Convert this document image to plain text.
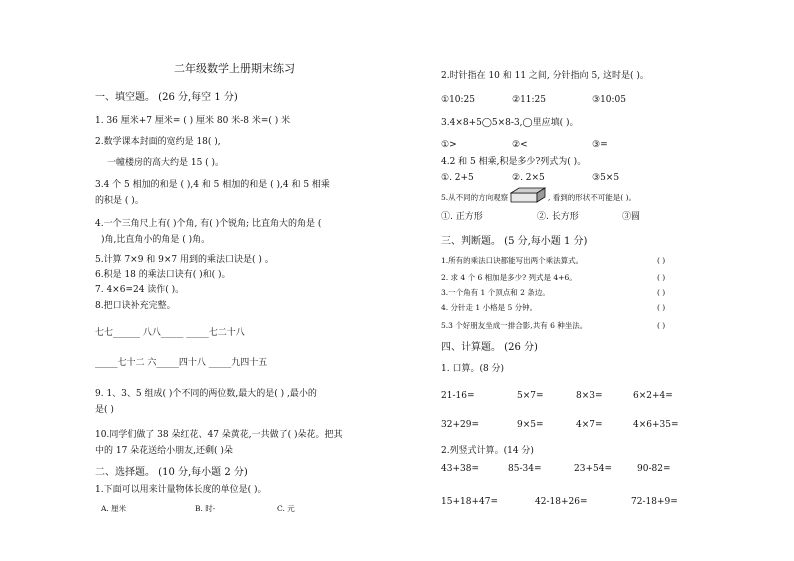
二年级数学上册期末练习
一、填空题。 (26 分,每空 1 分)
1. 36 厘米+7 厘米= ( ) 厘米 80 米-8 米=( ) 米
2.数学课本封面的宽约是 18( ),
一幢楼房的高大约是 15 ( )。
3.4 个 5 相加的和是 ( ),4 和 5 相加的和是 ( ),4 和 5 相乘
的积是 ( )。
4.一个三角尺上有( )个角, 有( )个锐角; 比直角大的角是 (
)角,比直角小的角是 ( )角。
5.计算 7×9 和 9×7 用到的乘法口诀是( ) 。
6.积是 18 的乘法口诀有( )和( )。
7. 4×6=24 读作( )。
8.把口诀补充完整。
七七______ 八八_____ _____七二十八
_____七十二 六_____四十八 _____九四十五
9. 1、3、5 组成( )个不同的两位数,最大的是( ) ,最小的
是( )
10.同学们做了 38 朵红花、47 朵黄花,一共做了( )朵花。把其
中的 17 朵花送给小朋友,还剩( )朵
二、选择题。 (10 分,每小题 2 分)
1.下面可以用来计量物体长度的单位是( )。
A. 厘米	B. 时-	C. 元
2.时针指在 10 和 11 之间, 分针指向 5, 这时是( )。
①10:25	②11:25	③10:05
3.4×8+5◯5×8-3,◯里应填( )。
①>	②<	③=
4.2 和 5 相乘,积是多少?列式为( )。
①. 2+5	②. 2×5	③5×5
5.从不同的方向观察	, 看到的形状不可能是( )。
①. 正方形	②. 长方形	③圆
三、判断题。 (5 分,每小题 1 分)
1.所有的乘法口诀都能写出两个乘法算式。	( )
2. 求 4 个 6 相加是多少? 列式是 4+6。	( )
3.一个角有 1 个顶点和 2 条边。	( )
4. 分针走 1 小格是 5 分钟。	( )
5.3 个好朋友坐成一排合影,共有 6 种坐法。	( )
四、计算题。 (26 分)
1. 口算。(8 分)
21-16=	5×7=	8×3=	6×2+4=
32+29=	9×5=	4×7=	4×6+35=
2.列竖式计算。(14 分)
43+38=	85-34=	23+54=	90-82=
15+18+47=	42-18+26=	72-18+9=
